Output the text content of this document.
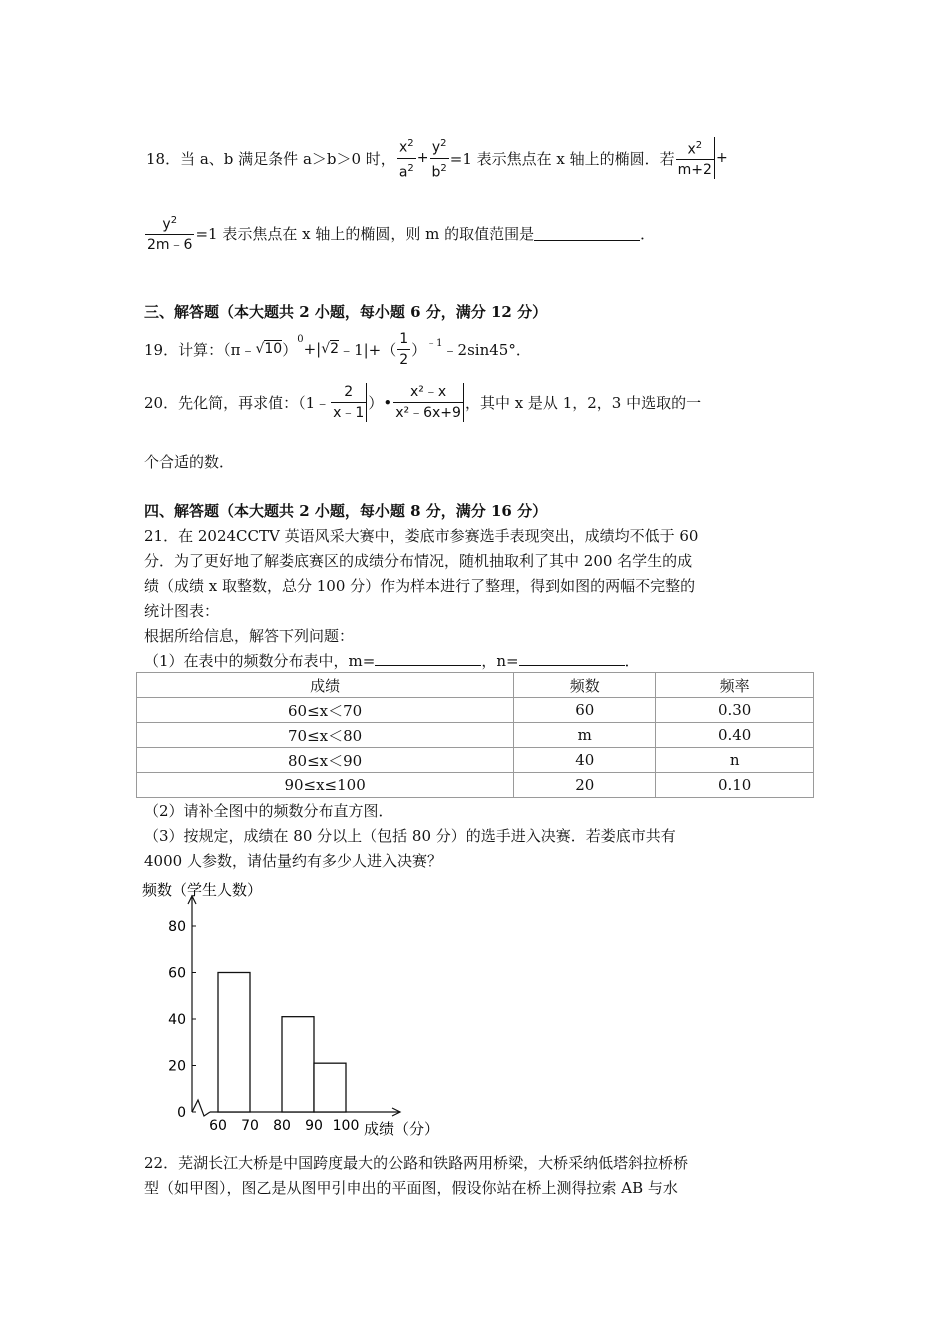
18． 当 a、b 满足条件 a＞b＞0 时， $\frac{x^2}{a^2} + \frac{y^2}{b^2} =1$ 表示焦点在 x 轴上的椭圆．若 $\frac{x^2}{m+2}$ +
$\frac{y^2}{2m﹣6} =1$ 表示焦点在 x 轴上的椭圆，则 m 的取值范围是	．
三、解答题（本大题共 2 小题，每小题 6 分，满分 12 分）
19． 计算：（π﹣ √10 ）
$^0$
+| √2 ﹣1|+（ $\frac{1}{2} )^{﹣1}$ ﹣2sin45°．
20． 先化简，再求值：（1﹣ $\frac{2}{x﹣1}$ ）• $\frac{\text{x²﹣x}}{\text{x²﹣6x+9}}$ ，其中 x 是从 1，2，3 中选取的一
个合适的数．
四、解答题（本大题共 2 小题，每小题 8 分，满分 16 分）
21．在 2024CCTV 英语风采大赛中，娄底市参赛选手表现突出，成绩均不低于 60
分．为了更好地了解娄底赛区的成绩分布情况，随机抽取利了其中 200 名学生的成
绩（成绩 x 取整数，总分 100 分）作为样本进行了整理，得到如图的两幅不完整的
统计图表：
根据所给信息，解答下列问题：
（1）在表中的频数分布表中，m=	，n=	．
成绩	频数	频率
60≤x＜70	60	0.30
70≤x＜80	m	0.40
80≤x＜90	40	n
90≤x≤100	20	0.10
（2）请补全图中的频数分布直方图．
（3）按规定，成绩在 80 分以上（包括 80 分）的选手进入决赛．若娄底市共有
4000 人参数，请估量约有多少人进入决赛？
频数（学生人数）
成绩（分）
0
20
40
60
80
60 70 80 90 100
22．芜湖长江大桥是中国跨度最大的公路和铁路两用桥梁，大桥采纳低塔斜拉桥桥
型（如甲图），图乙是从图甲引申出的平面图，假设你站在桥上测得拉索 AB 与水
